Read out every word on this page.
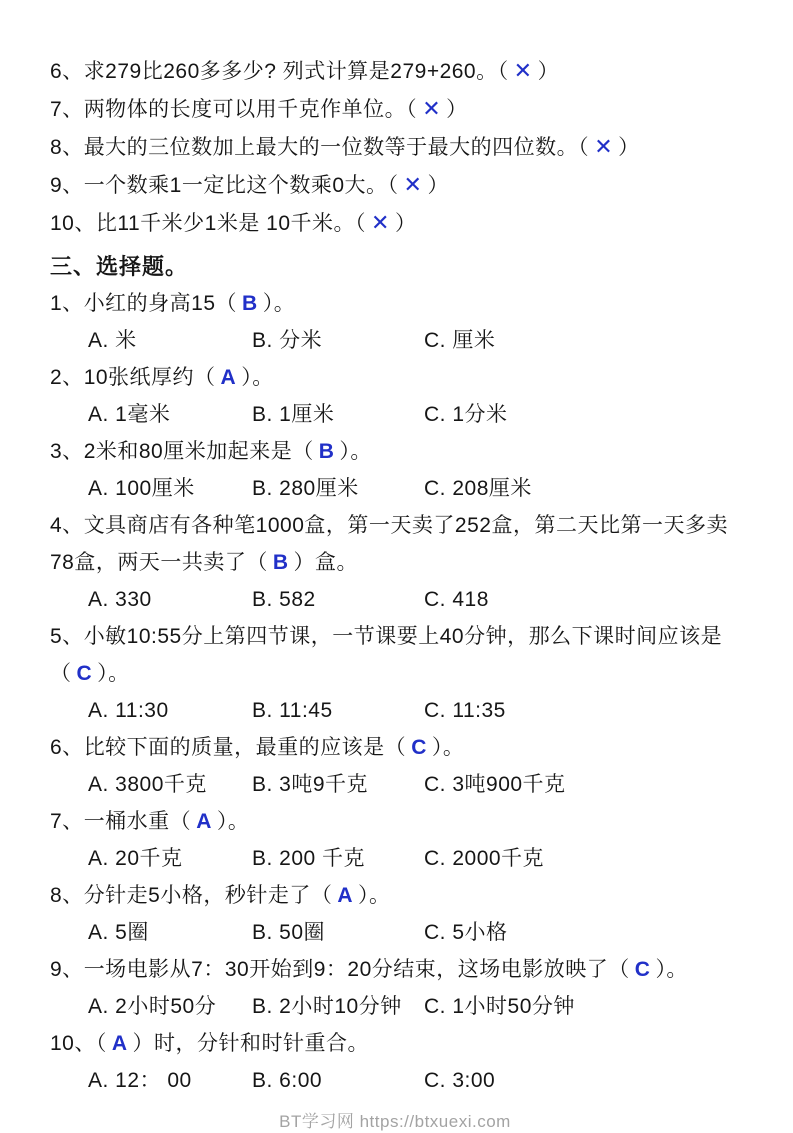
6、求279比260多多少? 列式计算是279+260。（ ✕ ）

7、两物体的长度可以用千克作单位。（ ✕ ）

8、最大的三位数加上最大的一位数等于最大的四位数。（ ✕ ）

9、一个数乘1一定比这个数乘0大。（ ✕ ）

10、比11千米少1米是 10千米。（ ✕ ）

三、选择题。

1、小红的身高15（ B ）。

A. 米	B. 分米	C. 厘米

2、10张纸厚约（ A ）。

A. 1毫米	B. 1厘米	C. 1分米

3、2米和80厘米加起来是（ B ）。

A. 100厘米	B. 280厘米	C. 208厘米

4、文具商店有各种笔1000盒，第一天卖了252盒，第二天比第一天多卖78盒，两天一共卖了（ B ）盒。

A. 330	B. 582	C. 418

5、小敏10:55分上第四节课，一节课要上40分钟，那么下课时间应该是（ C ）。

A. 11:30	B. 11:45	C. 11:35

6、比较下面的质量，最重的应该是（ C ）。

A. 3800千克	B. 3吨9千克	C. 3吨900千克

7、一桶水重（ A ）。

A. 20千克	B. 200 千克	C. 2000千克

8、分针走5小格，秒针走了（ A ）。

A. 5圈	B. 50圈	C. 5小格

9、一场电影从7：30开始到9：20分结束，这场电影放映了（ C ）。

A. 2小时50分	B. 2小时10分钟	C. 1小时50分钟

10、（ A ）时，分针和时针重合。

A. 12： 00	B. 6:00	C. 3:00

BT学习网 https://btxuexi.com
